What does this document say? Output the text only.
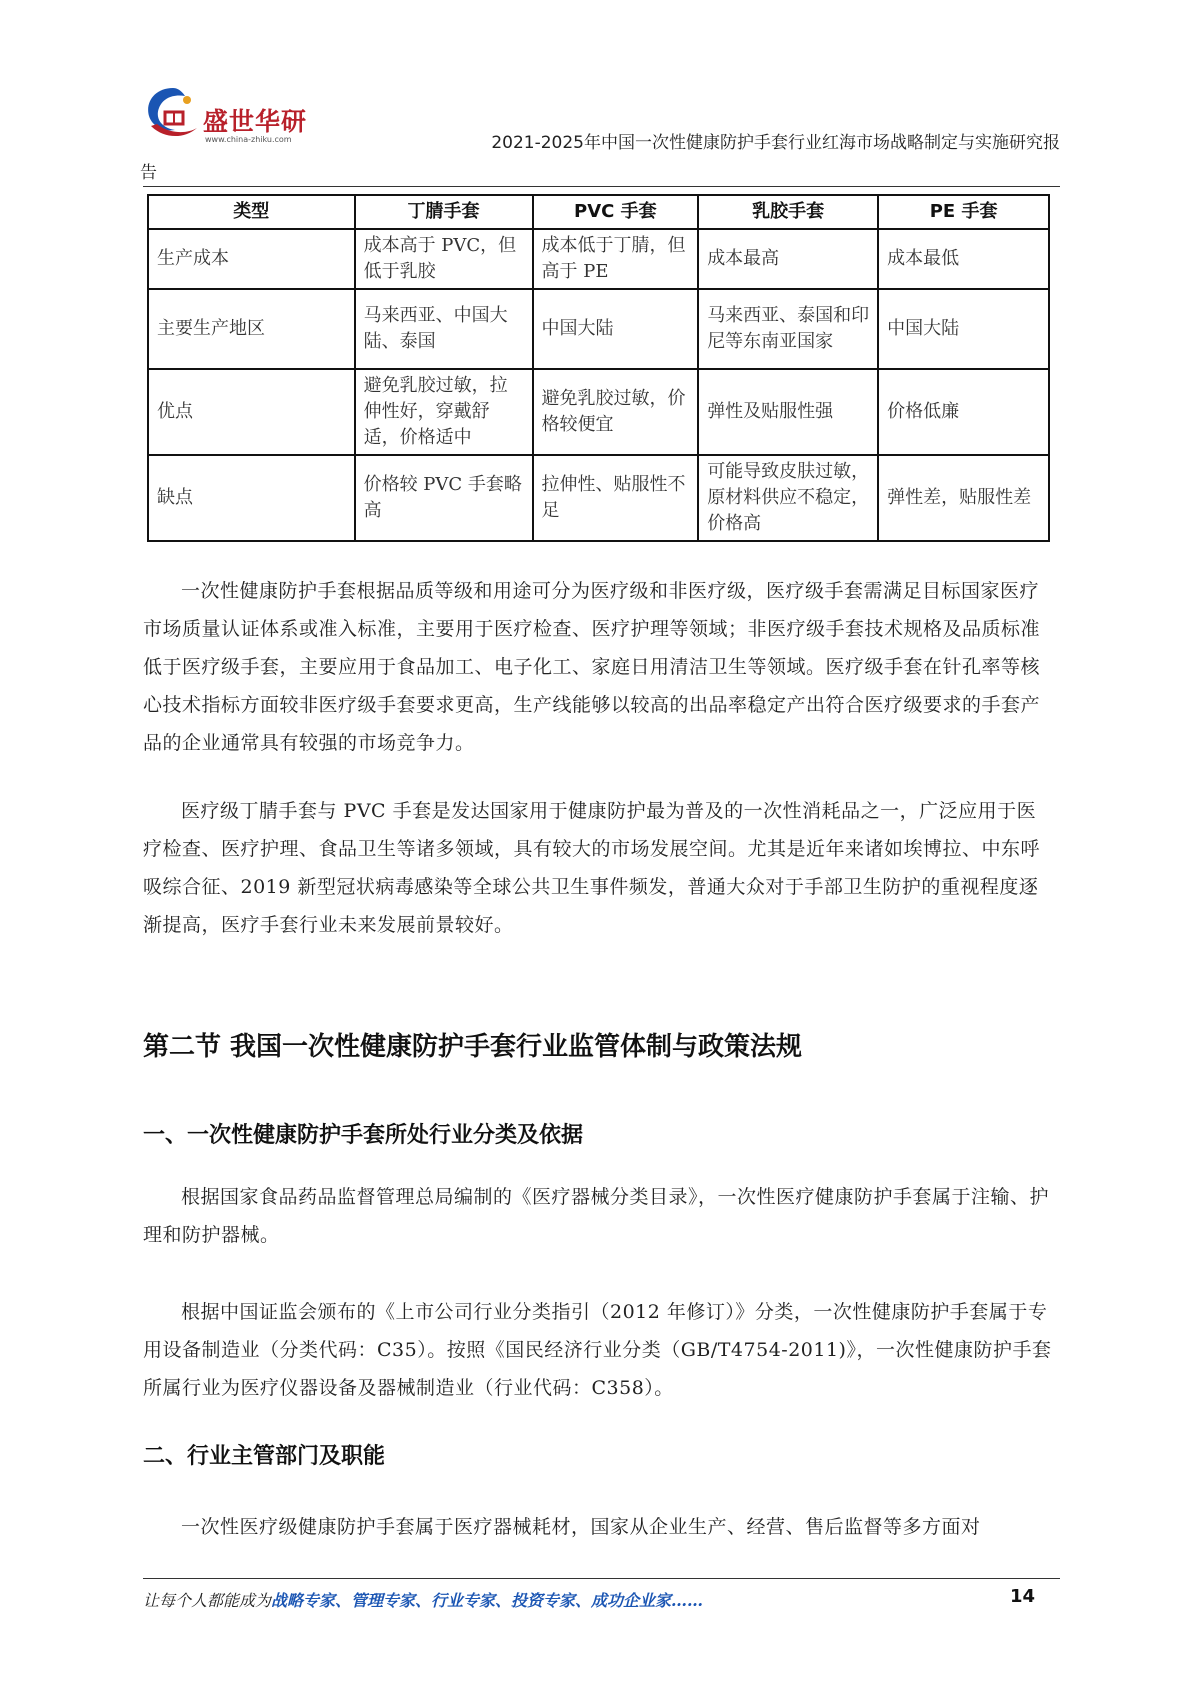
盛世华研
www.china-zhiku.com	2021-2025年中国一次性健康防护手套行业红海市场战略制定与实施研究报
告
类型	丁腈手套	PVC 手套	乳胶手套	PE 手套
生产成本	成本高于 PVC，但低于乳胶	成本低于丁腈，但高于 PE	成本最高	成本最低
主要生产地区	马来西亚、中国大陆、泰国	中国大陆	马来西亚、泰国和印尼等东南亚国家	中国大陆
优点	避免乳胶过敏，拉伸性好，穿戴舒适，价格适中	避免乳胶过敏，价格较便宜	弹性及贴服性强	价格低廉
缺点	价格较 PVC 手套略高	拉伸性、贴服性不足	可能导致皮肤过敏，原材料供应不稳定，价格高	弹性差，贴服性差

一次性健康防护手套根据品质等级和用途可分为医疗级和非医疗级，医疗级手套需满足目标国家医疗市场质量认证体系或准入标准，主要用于医疗检查、医疗护理等领域；非医疗级手套技术规格及品质标准低于医疗级手套，主要应用于食品加工、电子化工、家庭日用清洁卫生等领域。医疗级手套在针孔率等核心技术指标方面较非医疗级手套要求更高，生产线能够以较高的出品率稳定产出符合医疗级要求的手套产品的企业通常具有较强的市场竞争力。

医疗级丁腈手套与 PVC 手套是发达国家用于健康防护最为普及的一次性消耗品之一，广泛应用于医疗检查、医疗护理、食品卫生等诸多领域，具有较大的市场发展空间。尤其是近年来诸如埃博拉、中东呼吸综合征、2019 新型冠状病毒感染等全球公共卫生事件频发，普通大众对于手部卫生防护的重视程度逐渐提高，医疗手套行业未来发展前景较好。

第二节 我国一次性健康防护手套行业监管体制与政策法规
一、一次性健康防护手套所处行业分类及依据

根据国家食品药品监督管理总局编制的《医疗器械分类目录》，一次性医疗健康防护手套属于注输、护理和防护器械。

根据中国证监会颁布的《上市公司行业分类指引（2012 年修订）》分类，一次性健康防护手套属于专用设备制造业（分类代码：C35）。按照《国民经济行业分类（GB/T4754-2011)》，一次性健康防护手套所属行业为医疗仪器设备及器械制造业（行业代码：C358）。

二、行业主管部门及职能

一次性医疗级健康防护手套属于医疗器械耗材，国家从企业生产、经营、售后监督等多方面对

让每个人都能成为战略专家、管理专家、行业专家、投资专家、成功企业家……	14
